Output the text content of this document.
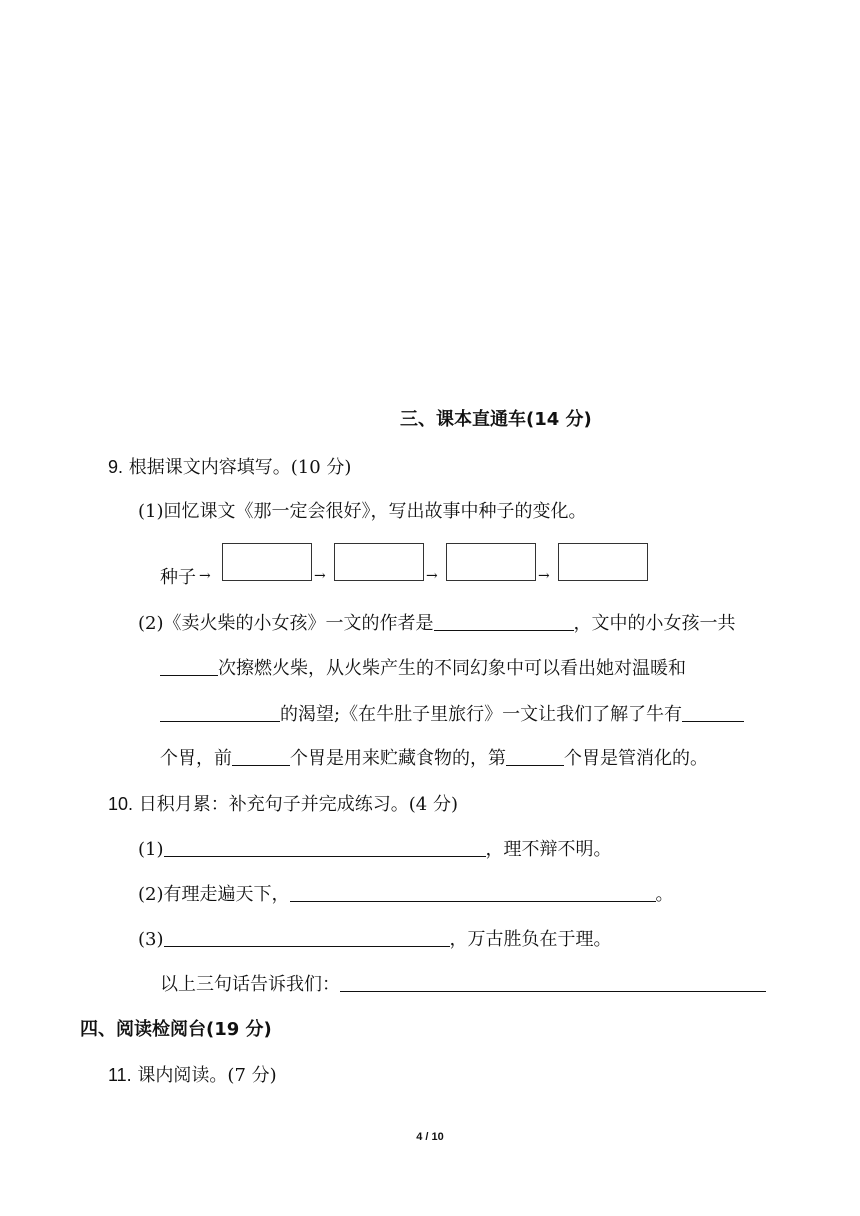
三、课本直通车(14 分)
9. 根据课文内容填写。(10 分)
(1)回忆课文《那一定会很好》，写出故事中种子的变化。
种子 →	→	→	→
(2)《卖火柴的小女孩》一文的作者是	，文中的小女孩一共
次擦燃火柴，从火柴产生的不同幻象中可以看出她对温暖和
的渴望;《在牛肚子里旅行》一文让我们了解了牛有
个胃，前	个胃是用来贮藏食物的，第	个胃是管消化的。
10. 日积月累：补充句子并完成练习。(4 分)
(1)	，理不辩不明。
(2)有理走遍天下，	。
(3)	，万古胜负在于理。
以上三句话告诉我们：
四、阅读检阅台(19 分)
11. 课内阅读。(7 分)
4 / 10
